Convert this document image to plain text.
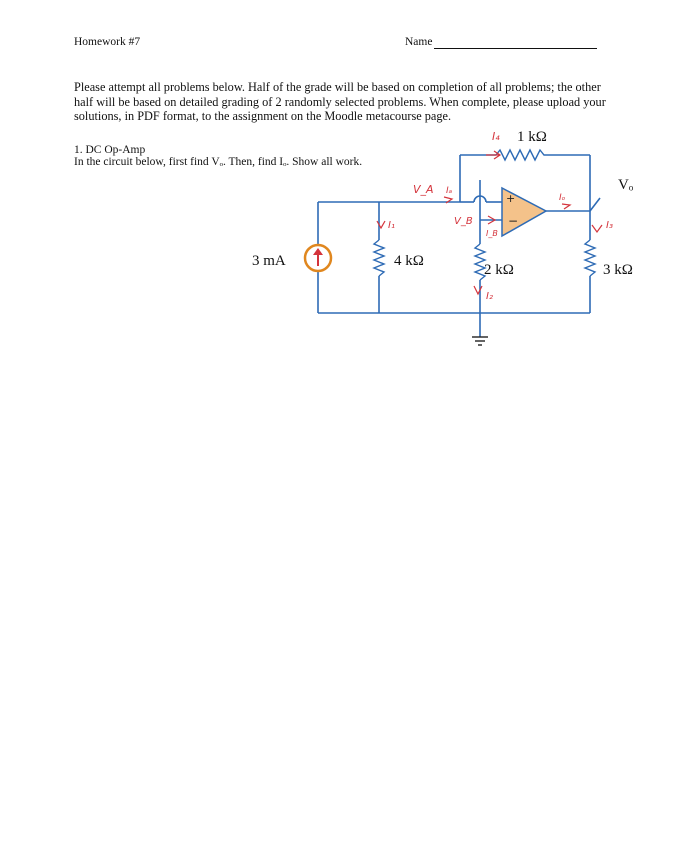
Homework #7	Name
Please attempt all problems below. Half of the grade will be based on completion of all problems; the other half will be based on detailed grading of 2 randomly selected problems. When complete, please upload your solutions, in PDF format, to the assignment on the Moodle metacourse page.
1. DC Op-Amp
In the circuit below, first find Vₒ. Then, find Iₒ. Show all work.
+
−
3 mA	4 kΩ
2 kΩ	3 kΩ
1 kΩ
Vₒ
I₄
V_A Iₐ
I₁	V_B
I_B
I₂
Iₒ
I₃
